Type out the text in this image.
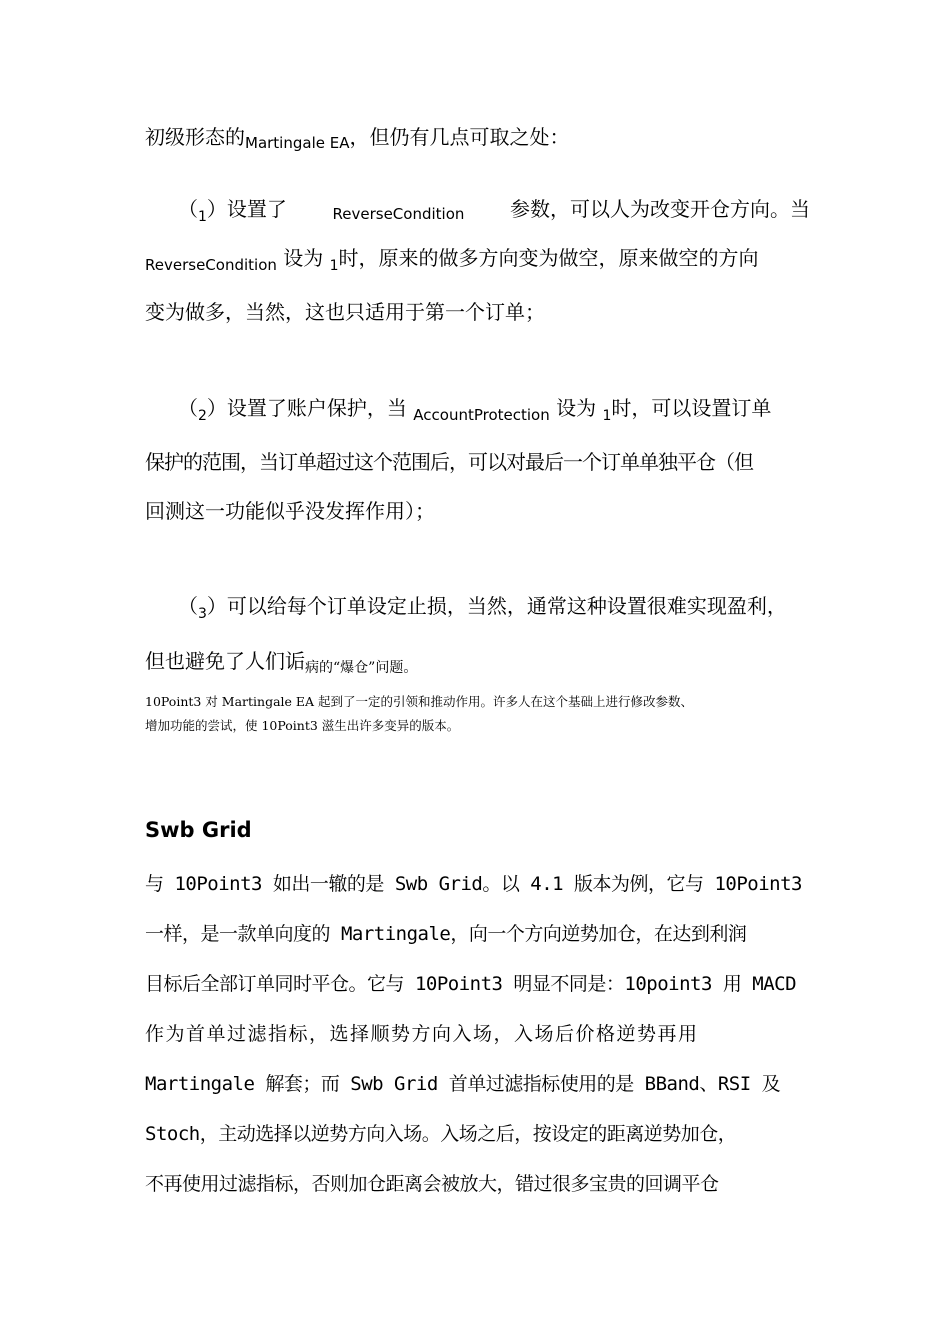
初级形态的$_{Martingale EA}$，但仍有几点可取之处：
$(_1)$设置了	ReverseCondition 参数，可以人为改变开仓方向。当
$_{ReverseCondition}$ 设为 $_1$时，原来的做多方向变为做空，原来做空的方向
变为做多，当然，这也只适用于第一个订单；
$(_2)$设置了账户保护，当 $_{AccountProtection}$ 设为 $_1$时，可以设置订单
保护的范围，当订单超过这个范围后，可以对最后一个订单单独平仓（但
回测这一功能似乎没发挥作用）；
$(_3)$可以给每个订单设定止损，当然，通常这种设置很难实现盈利，
但也避免了人们诟$_{病的“爆仓”问题。}$
10Point3 对 Martingale EA 起到了一定的引领和推动作用。许多人在这个基础上进行修改参数、
增加功能的尝试，使 10Point3 滋生出许多变异的版本。
Swb Grid
与 10Point3 如出一辙的是 Swb Grid。以 4.1 版本为例，它与 10Point3
一样，是一款单向度的 Martingale，向一个方向逆势加仓，在达到利润
目标后全部订单同时平仓。它与 10Point3 明显不同是：10point3 用 MACD
作为首单过滤指标，选择顺势方向入场，入场后价格逆势再用
Martingale 解套；而 Swb Grid 首单过滤指标使用的是 BBand、RSI 及
Stoch，主动选择以逆势方向入场。入场之后，按设定的距离逆势加仓，
不再使用过滤指标，否则加仓距离会被放大，错过很多宝贵的回调平仓
